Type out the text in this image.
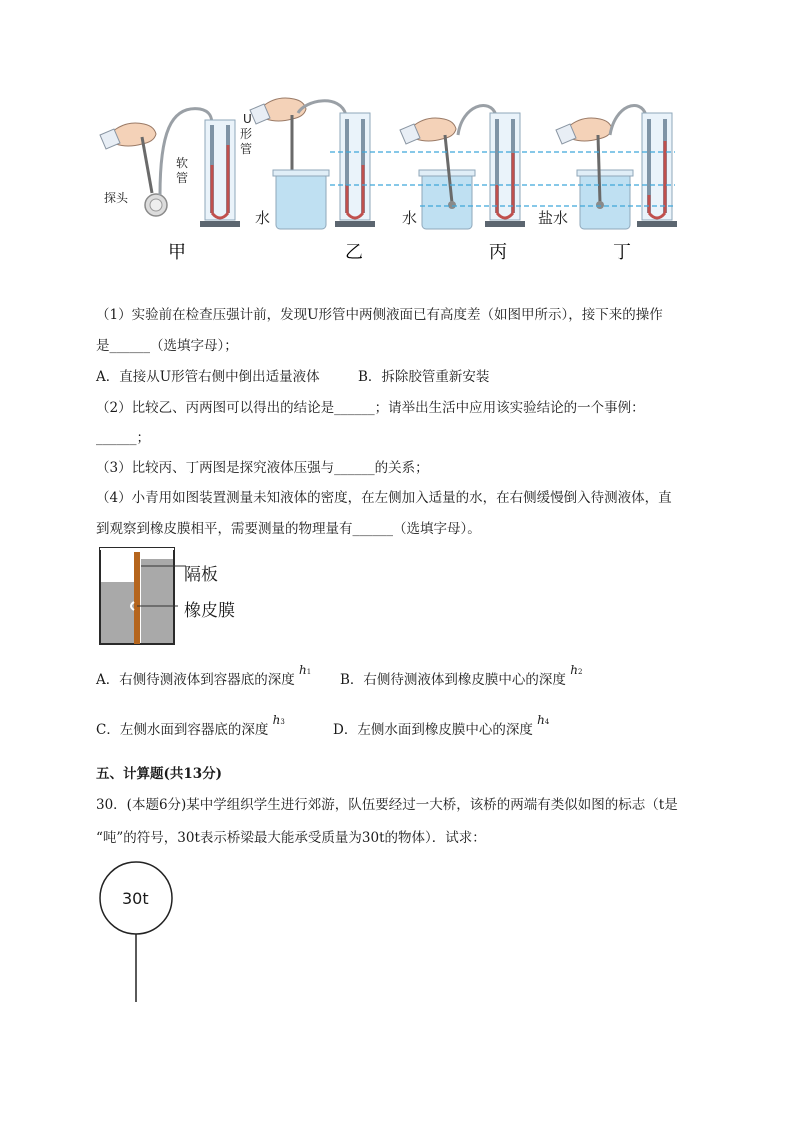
U
形
管
软
管
探头
水	水	盐水
甲	乙	丙	丁
（1）实验前在检查压强计前，发现U形管中两侧液面已有高度差（如图甲所示），接下来的操作
是______（选填字母）；
A．直接从U形管右侧中倒出适量液体	B．拆除胶管重新安装
（2）比较乙、丙两图可以得出的结论是______；请举出生活中应用该实验结论的一个事例：
______；
（3）比较丙、丁两图是探究液体压强与______的关系；
（4）小青用如图装置测量未知液体的密度，在左侧加入适量的水，在右侧缓慢倒入待测液体，直
到观察到橡皮膜相平，需要测量的物理量有______（选填字母）。
隔板
橡皮膜
A．右侧待测液体到容器底的深度 h1 B．右侧待测液体到橡皮膜中心的深度 h2
C．左侧水面到容器底的深度 h3	D．左侧水面到橡皮膜中心的深度 h4
五、计算题(共13分)
30．(本题6分)某中学组织学生进行郊游，队伍要经过一大桥，该桥的两端有类似如图的标志（t是
“吨”的符号，30t表示桥梁最大能承受质量为30t的物体）．试求：
30t
